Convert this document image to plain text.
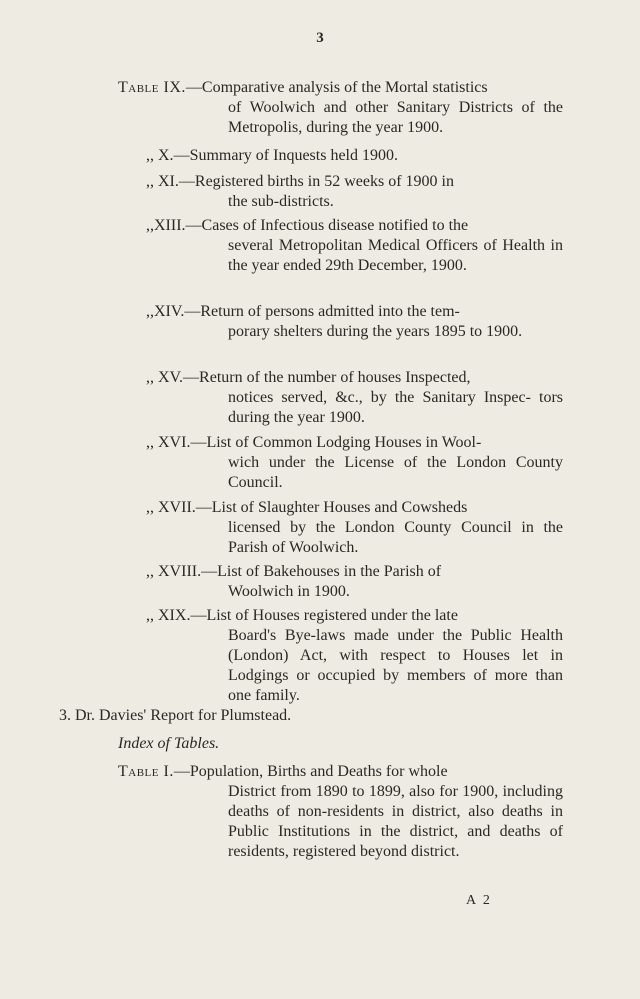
3
Table IX.—Comparative analysis of the Mortal statistics
of Woolwich and other Sanitary Districts of the Metropolis, during the year 1900.
,, X.—Summary of Inquests held 1900.
,, XI.—Registered births in 52 weeks of 1900 in
the sub-districts.
,,XIII.—Cases of Infectious disease notified to the
several Metropolitan Medical Officers of Health in the year ended 29th December, 1900.
,,XIV.—Return of persons admitted into the tem-
porary shelters during the years 1895 to 1900.
,, XV.—Return of the number of houses Inspected,
notices served, &c., by the Sanitary Inspec- tors during the year 1900.
,, XVI.—List of Common Lodging Houses in Wool-
wich under the License of the London County Council.
,, XVII.—List of Slaughter Houses and Cowsheds
licensed by the London County Council in the Parish of Woolwich.
,, XVIII.—List of Bakehouses in the Parish of
Woolwich in 1900.
,, XIX.—List of Houses registered under the late
Board's Bye-laws made under the Public Health (London) Act, with respect to Houses let in Lodgings or occupied by members of more than one family.
3. Dr. Davies' Report for Plumstead.
Index of Tables.
Table I.—Population, Births and Deaths for whole
District from 1890 to 1899, also for 1900, including deaths of non-residents in district, also deaths in Public Institutions in the district, and deaths of residents, registered beyond district.
A 2
